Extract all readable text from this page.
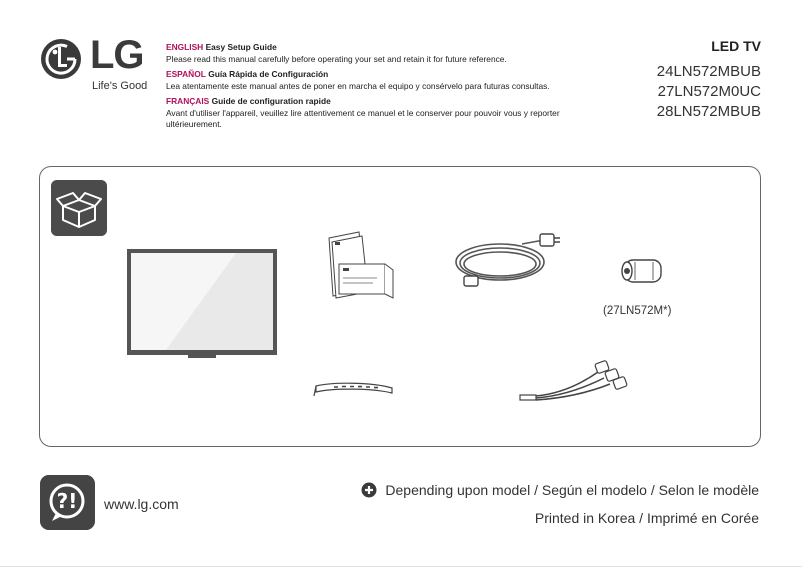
LG
Life's Good
ENGLISH Easy Setup Guide
Please read this manual carefully before operating your set and retain it for future reference.
ESPAÑOL Guía Rápida de Configuración
Lea atentamente este manual antes de poner en marcha el equipo y consérvelo para futuras consultas.
FRANÇAIS Guide de configuration rapide
Avant d'utiliser l'appareil, veuillez lire attentivement ce manuel et le conserver pour pouvoir vous y reporter ultérieurement.
LED TV
24LN572MBUB
27LN572M0UC
28LN572MBUB
(27LN572M*)
?! www.lg.com
Depending upon model / Según el modelo / Selon le modèle
Printed in Korea / Imprimé en Corée
